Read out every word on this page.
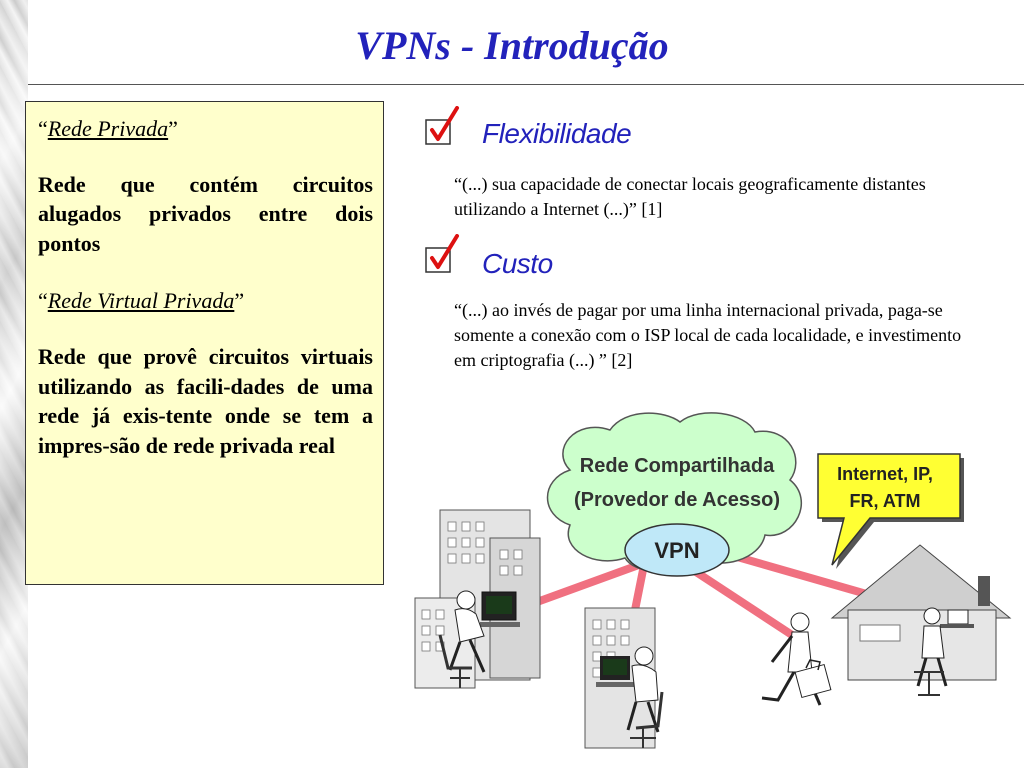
VPNs - Introdução

“Rede Privada”

Rede que contém circuitos alugados privados entre dois pontos

“Rede Virtual Privada”

Rede que provê circuitos virtuais utilizando as facili-dades de uma rede já exis-tente onde se tem a impres-são de rede privada real

Flexibilidade
“(...) sua capacidade de conectar locais geograficamente distantes utilizando a Internet (...)” [1]
Custo
“(...) ao invés de pagar por uma linha internacional privada, paga-se somente a conexão com o ISP local de cada localidade, e investimento em criptografia (...) ” [2]
Rede Compartilhada
(Provedor de Acesso)
VPN
Internet, IP,
FR, ATM
